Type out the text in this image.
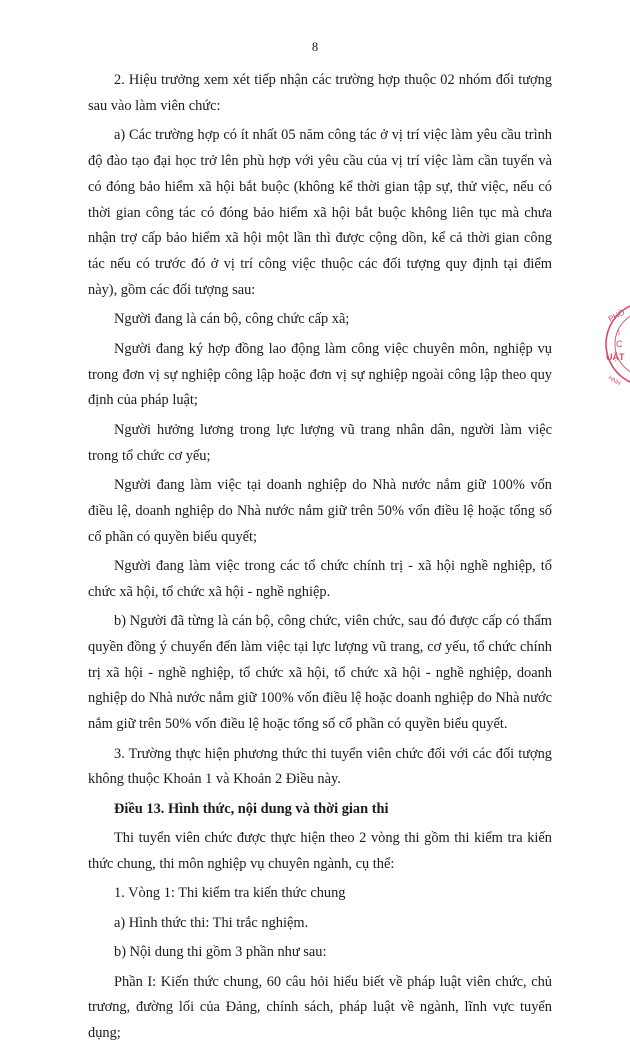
8

2. Hiệu trưởng xem xét tiếp nhận các trường hợp thuộc 02 nhóm đối tượng sau vào làm viên chức:

a) Các trường hợp có ít nhất 05 năm công tác ở vị trí việc làm yêu cầu trình độ đào tạo đại học trở lên phù hợp với yêu cầu của vị trí việc làm cần tuyển và có đóng bảo hiểm xã hội bắt buộc (không kể thời gian tập sự, thử việc, nếu có thời gian công tác có đóng bảo hiểm xã hội bắt buộc không liên tục mà chưa nhận trợ cấp bảo hiểm xã hội một lần thì được cộng dồn, kể cả thời gian công tác nếu có trước đó ở vị trí công việc thuộc các đối tượng quy định tại điểm này), gồm các đối tượng sau:

Người đang là cán bộ, công chức cấp xã;

Người đang ký hợp đồng lao động làm công việc chuyên môn, nghiệp vụ trong đơn vị sự nghiệp công lập hoặc đơn vị sự nghiệp ngoài công lập theo quy định của pháp luật;

Người hưởng lương trong lực lượng vũ trang nhân dân, người làm việc trong tổ chức cơ yếu;

Người đang làm việc tại doanh nghiệp do Nhà nước nắm giữ 100% vốn điều lệ, doanh nghiệp do Nhà nước nắm giữ trên 50% vốn điều lệ hoặc tổng số cổ phần có quyền biểu quyết;

Người đang làm việc trong các tổ chức chính trị - xã hội nghề nghiệp, tổ chức xã hội, tổ chức xã hội - nghề nghiệp.

b) Người đã từng là cán bộ, công chức, viên chức, sau đó được cấp có thẩm quyền đồng ý chuyển đến làm việc tại lực lượng vũ trang, cơ yếu, tổ chức chính trị xã hội - nghề nghiệp, tổ chức xã hội, tổ chức xã hội - nghề nghiệp, doanh nghiệp do Nhà nước nắm giữ 100% vốn điều lệ hoặc doanh nghiệp do Nhà nước nắm giữ trên 50% vốn điều lệ hoặc tổng số cổ phần có quyền biểu quyết.

3. Trường thực hiện phương thức thi tuyển viên chức đối với các đối tượng không thuộc Khoản 1 và Khoản 2 Điều này.

Điều 13. Hình thức, nội dung và thời gian thi

Thi tuyển viên chức được thực hiện theo 2 vòng thi gồm thi kiểm tra kiến thức chung, thi môn nghiệp vụ chuyên ngành, cụ thể:

1. Vòng 1: Thi kiểm tra kiến thức chung

a) Hình thức thi: Thi trắc nghiệm.

b) Nội dung thi gồm 3 phần như sau:

Phần I: Kiến thức chung, 60 câu hỏi hiểu biết về pháp luật viên chức, chủ trương, đường lối của Đảng, chính sách, pháp luật về ngành, lĩnh vực tuyển dụng;

PHÒ
I
C
UẬT
HNH
